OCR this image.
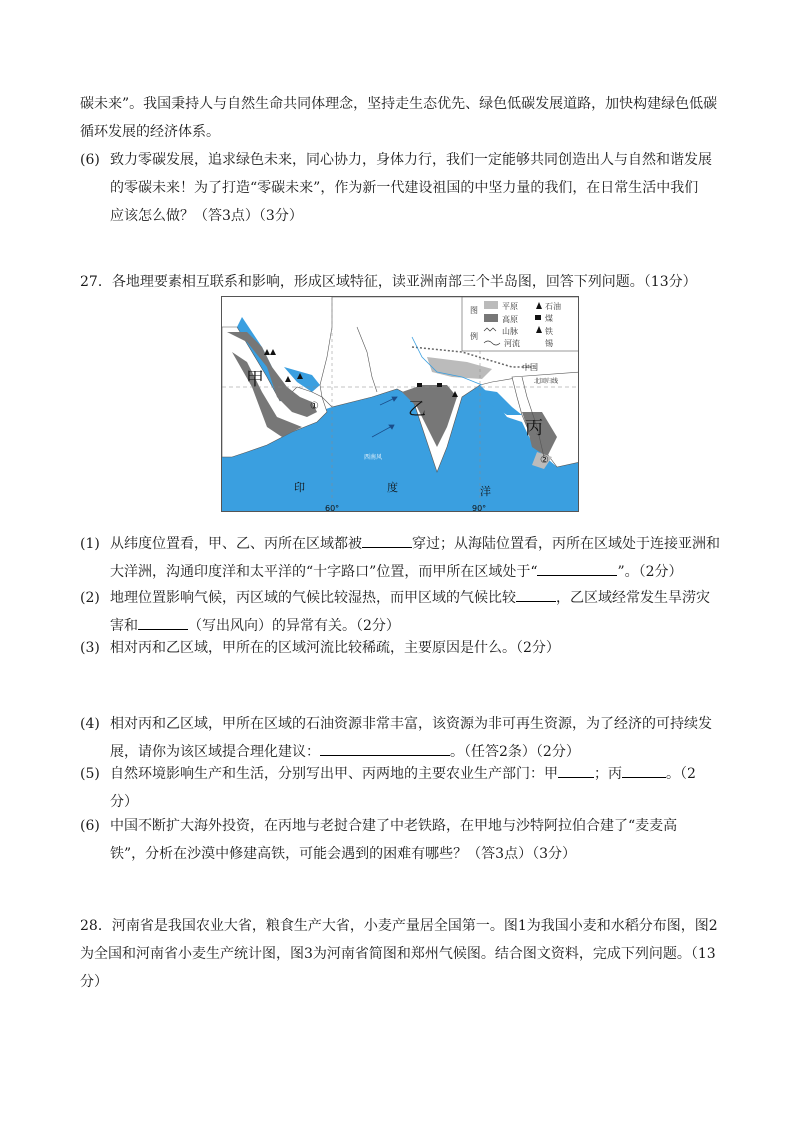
碳未来”。我国秉持人与自然生命共同体理念，坚持走生态优先、绿色低碳发展道路，加快构建绿色低碳
循环发展的经济体系。

(6) 致力零碳发展，追求绿色未来，同心协力，身体力行，我们一定能够共同创造出人与自然和谐发展

的零碳未来！为了打造“零碳未来”，作为新一代建设祖国的中坚力量的我们，在日常生活中我们
应该怎么做？（答3点）（3分）

27．各地理要素相互联系和影响，形成区域特征，读亚洲南部三个半岛图，回答下列问题。（13分）

图
例
平原
高原
山脉
河流
石油
煤
铁
锡
甲
乙
丙
中国
北回归线
西南风
①
②
印	度	洋
60°	90°
(1) 从纬度位置看，甲、乙、丙所在区域都被	穿过；从海陆位置看，丙所在区域处于连接亚洲和

大洋洲，沟通印度洋和太平洋的“十字路口”位置，而甲所在区域处于“	”。（2分）
(2) 地理位置影响气候，丙区域的气候比较湿热，而甲区域的气候比较	，乙区域经常发生旱涝灾

害和	（写出风向）的异常有关。（2分）
(3) 相对丙和乙区域，甲所在的区域河流比较稀疏，主要原因是什么。（2分）
(4) 相对丙和乙区域，甲所在区域的石油资源非常丰富，该资源为非可再生资源，为了经济的可持续发

展，请你为该区域提合理化建议：	。（任答2条）（2分）
(5) 自然环境影响生产和生活，分别写出甲、丙两地的主要农业生产部门：甲	；丙	。（2

分）
(6) 中国不断扩大海外投资，在丙地与老挝合建了中老铁路，在甲地与沙特阿拉伯合建了“麦麦高

铁”，分析在沙漠中修建高铁，可能会遇到的困难有哪些？（答3点）（3分）

28．河南省是我国农业大省，粮食生产大省，小麦产量居全国第一。图1为我国小麦和水稻分布图，图2
为全国和河南省小麦生产统计图，图3为河南省简图和郑州气候图。结合图文资料，完成下列问题。（13
分）
